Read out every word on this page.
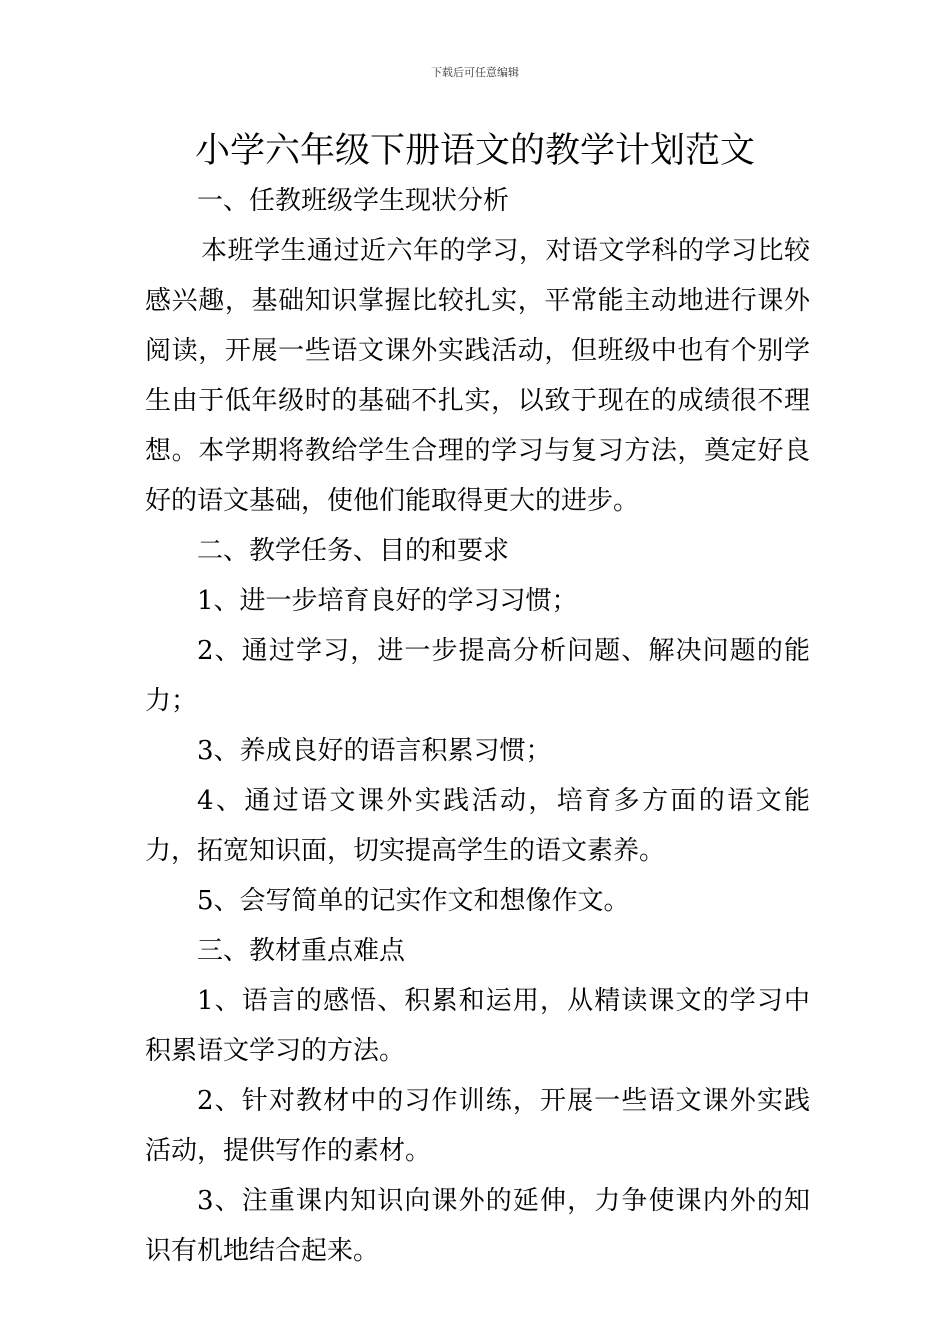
下载后可任意编辑
小学六年级下册语文的教学计划范文

一、任教班级学生现状分析

本班学生通过近六年的学习，对语文学科的学习比较感兴趣，基础知识掌握比较扎实，平常能主动地进行课外阅读，开展一些语文课外实践活动，但班级中也有个别学生由于低年级时的基础不扎实，以致于现在的成绩很不理想。本学期将教给学生合理的学习与复习方法，奠定好良好的语文基础，使他们能取得更大的进步。

二、教学任务、目的和要求

1、进一步培育良好的学习习惯；

2、通过学习，进一步提高分析问题、解决问题的能力；

3、养成良好的语言积累习惯；

4、通过语文课外实践活动，培育多方面的语文能力，拓宽知识面，切实提高学生的语文素养。

5、会写简单的记实作文和想像作文。

三、教材重点难点

1、语言的感悟、积累和运用，从精读课文的学习中积累语文学习的方法。

2、针对教材中的习作训练，开展一些语文课外实践活动，提供写作的素材。

3、注重课内知识向课外的延伸，力争使课内外的知识有机地结合起来。
